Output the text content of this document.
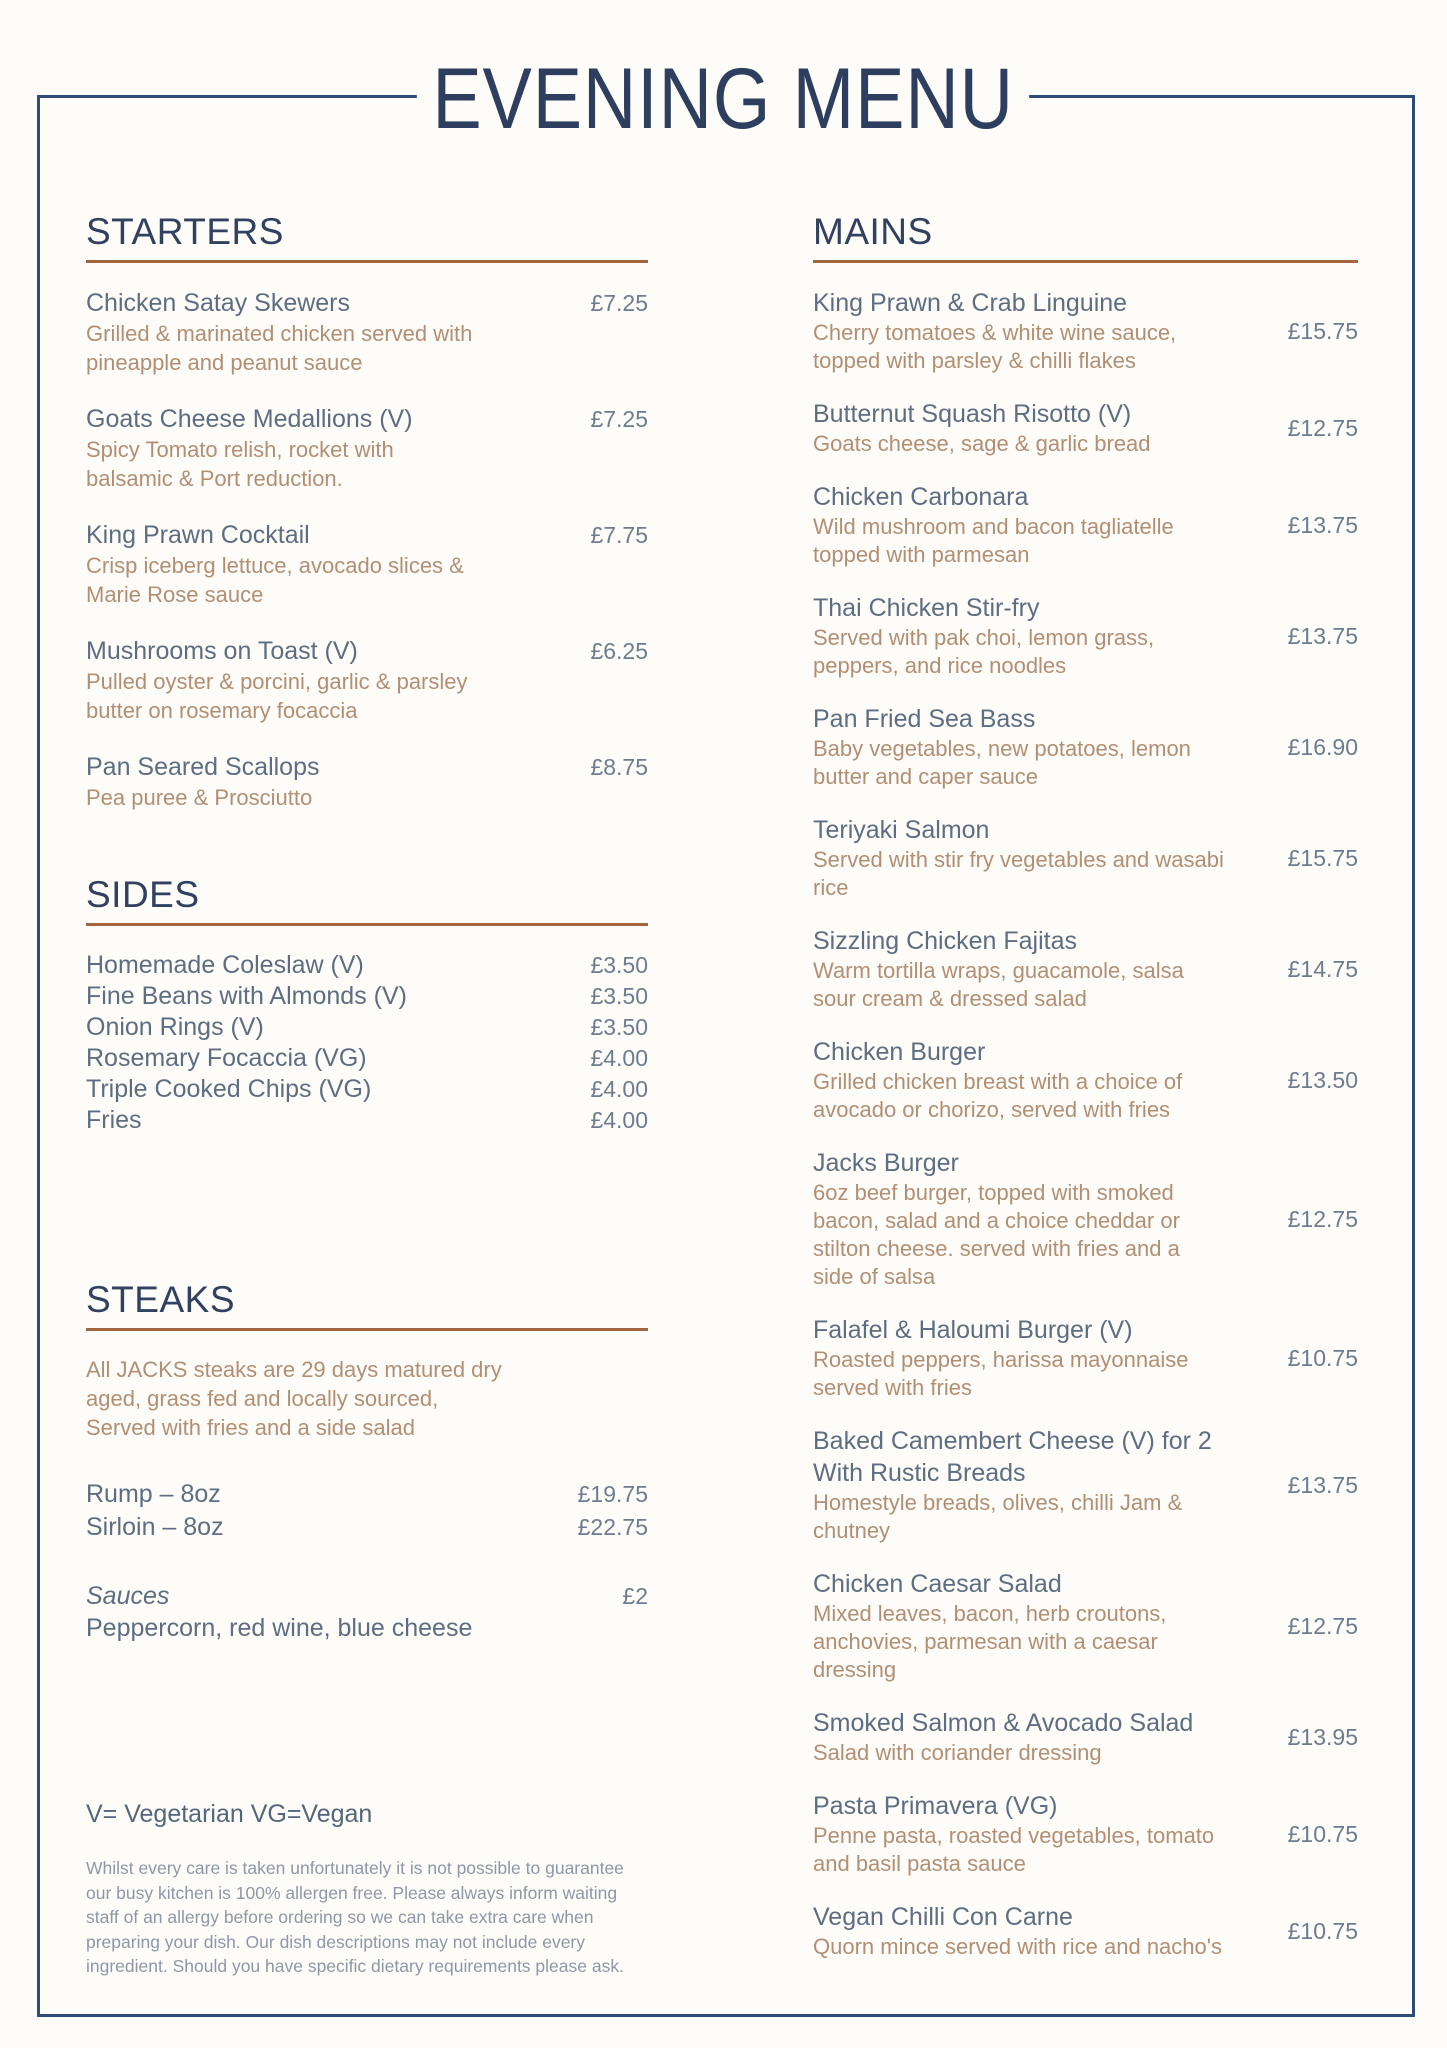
EVENING MENU
STARTERS
Chicken Satay Skewers
Grilled & marinated chicken served with pineapple and peanut sauce
£7.25
Goats Cheese Medallions (V)
Spicy Tomato relish, rocket with balsamic & Port reduction.
£7.25
King Prawn Cocktail
Crisp iceberg lettuce, avocado slices & Marie Rose sauce
£7.75
Mushrooms on Toast (V)
Pulled oyster & porcini, garlic & parsley butter on rosemary focaccia
£6.25
Pan Seared Scallops
Pea puree & Prosciutto
£8.75
SIDES
Homemade Coleslaw (V)	£3.50
Fine Beans with Almonds (V)	£3.50
Onion Rings (V)	£3.50
Rosemary Focaccia (VG)	£4.00
Triple Cooked Chips (VG)	£4.00
Fries	£4.00
STEAKS
All JACKS steaks are 29 days matured dry aged, grass fed and locally sourced, Served with fries and a side salad
Rump – 8oz	£19.75
Sirloin – 8oz	£22.75
Sauces	£2
Peppercorn, red wine, blue cheese
V= Vegetarian VG=Vegan
Whilst every care is taken unfortunately it is not possible to guarantee our busy kitchen is 100% allergen free. Please always inform waiting staff of an allergy before ordering so we can take extra care when preparing your dish. Our dish descriptions may not include every ingredient. Should you have specific dietary requirements please ask.
MAINS
King Prawn & Crab Linguine
Cherry tomatoes & white wine sauce, topped with parsley & chilli flakes
£15.75
Butternut Squash Risotto (V)
Goats cheese, sage & garlic bread
£12.75
Chicken Carbonara
Wild mushroom and bacon tagliatelle topped with parmesan
£13.75
Thai Chicken Stir-fry
Served with pak choi, lemon grass, peppers, and rice noodles
£13.75
Pan Fried Sea Bass
Baby vegetables, new potatoes, lemon butter and caper sauce
£16.90
Teriyaki Salmon
Served with stir fry vegetables and wasabi rice
£15.75
Sizzling Chicken Fajitas
Warm tortilla wraps, guacamole, salsa sour cream & dressed salad
£14.75
Chicken Burger
Grilled chicken breast with a choice of avocado or chorizo, served with fries
£13.50
Jacks Burger
6oz beef burger, topped with smoked bacon, salad and a choice cheddar or stilton cheese. served with fries and a side of salsa
£12.75
Falafel & Haloumi Burger (V)
Roasted peppers, harissa mayonnaise served with fries
£10.75
Baked Camembert Cheese (V) for 2 With Rustic Breads
Homestyle breads, olives, chilli Jam & chutney
£13.75
Chicken Caesar Salad
Mixed leaves, bacon, herb croutons, anchovies, parmesan with a caesar dressing
£12.75
Smoked Salmon & Avocado Salad
Salad with coriander dressing
£13.95
Pasta Primavera (VG)
Penne pasta, roasted vegetables, tomato and basil pasta sauce
£10.75
Vegan Chilli Con Carne
Quorn mince served with rice and nacho's
£10.75
